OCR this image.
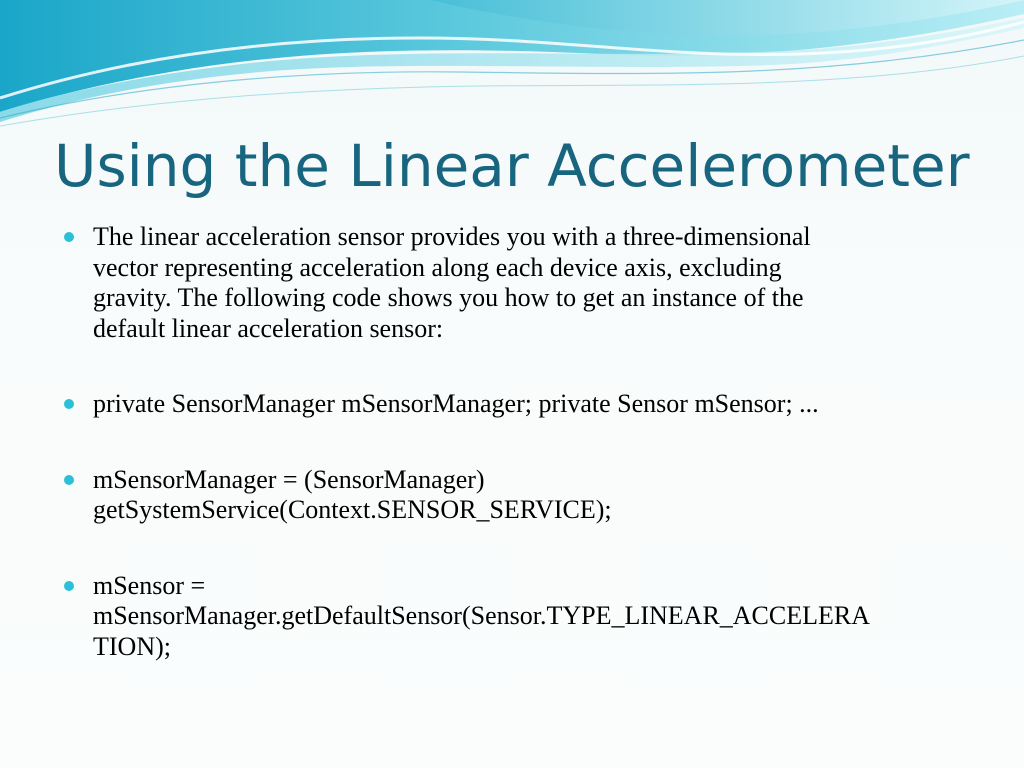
Using the Linear Accelerometer
The linear acceleration sensor provides you with a three-dimensional
vector representing acceleration along each device axis, excluding
gravity. The following code shows you how to get an instance of the
default linear acceleration sensor:
private SensorManager mSensorManager; private Sensor mSensor; ...
mSensorManager = (SensorManager)
getSystemService(Context.SENSOR_SERVICE);
mSensor =
mSensorManager.getDefaultSensor(Sensor.TYPE_LINEAR_ACCELERA
TION);
